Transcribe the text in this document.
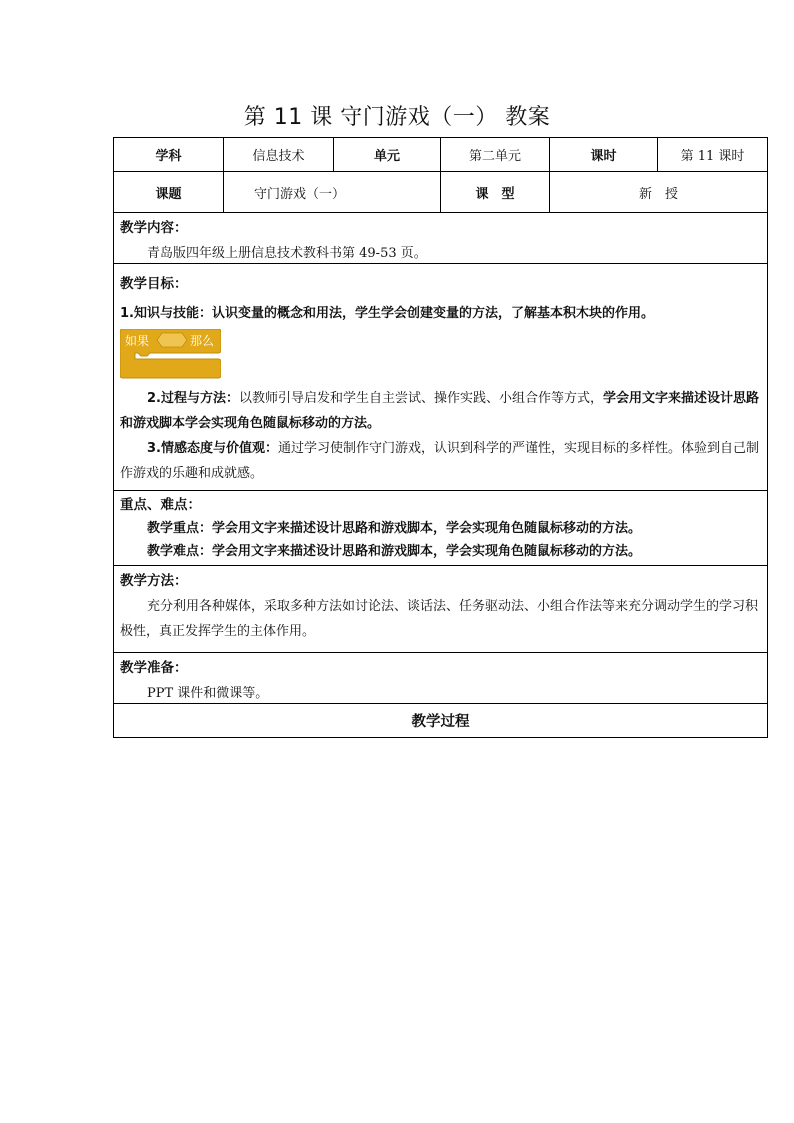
第 11 课 守门游戏（一） 教案
学科	信息技术	单元	第二单元	课时	第 11 课时
课题	守门游戏（一）	课　型	新　授
教学内容：
青岛版四年级上册信息技术教科书第 49-53 页。
教学目标：
1.知识与技能：认识变量的概念和用法，学生学会创建变量的方法，了解基本积木块的作用。
如果	那么
2.过程与方法：以教师引导启发和学生自主尝试、操作实践、小组合作等方式，学会用文字来描述设计思路和游戏脚本学会实现角色随鼠标移动的方法。
3.情感态度与价值观：通过学习使制作守门游戏，认识到科学的严谨性，实现目标的多样性。体验到自己制作游戏的乐趣和成就感。
重点、难点：
教学重点：学会用文字来描述设计思路和游戏脚本，学会实现角色随鼠标移动的方法。
教学难点：学会用文字来描述设计思路和游戏脚本，学会实现角色随鼠标移动的方法。
教学方法：
充分利用各种媒体，采取多种方法如讨论法、谈话法、任务驱动法、小组合作法等来充分调动学生的学习积极性，真正发挥学生的主体作用。
教学准备：
PPT 课件和微课等。
教学过程
